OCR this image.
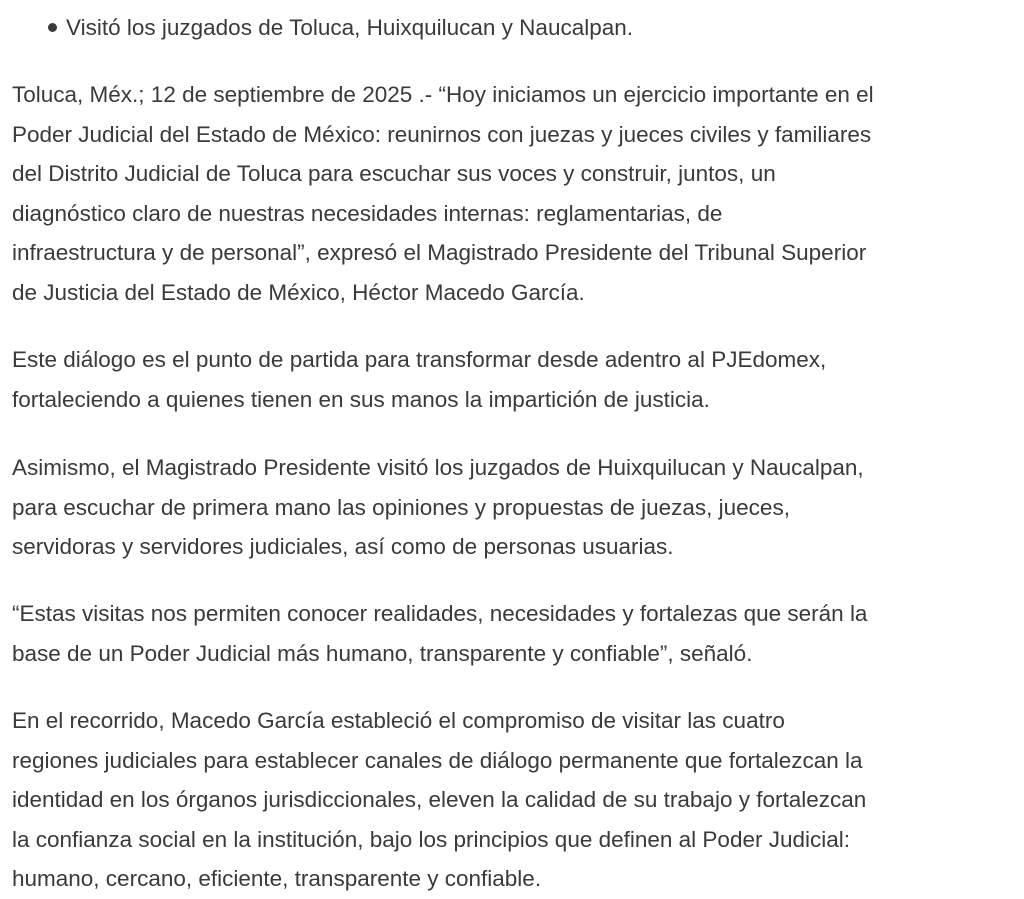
Visitó los juzgados de Toluca, Huixquilucan y Naucalpan.

Toluca, Méx.; 12 de septiembre de 2025 .- “Hoy iniciamos un ejercicio importante en el
Poder Judicial del Estado de México: reunirnos con juezas y jueces civiles y familiares
del Distrito Judicial de Toluca para escuchar sus voces y construir, juntos, un
diagnóstico claro de nuestras necesidades internas: reglamentarias, de
infraestructura y de personal”, expresó el Magistrado Presidente del Tribunal Superior
de Justicia del Estado de México, Héctor Macedo García.

Este diálogo es el punto de partida para transformar desde adentro al PJEdomex,
fortaleciendo a quienes tienen en sus manos la impartición de justicia.

Asimismo, el Magistrado Presidente visitó los juzgados de Huixquilucan y Naucalpan,
para escuchar de primera mano las opiniones y propuestas de juezas, jueces,
servidoras y servidores judiciales, así como de personas usuarias.

“Estas visitas nos permiten conocer realidades, necesidades y fortalezas que serán la
base de un Poder Judicial más humano, transparente y confiable”, señaló.

En el recorrido, Macedo García estableció el compromiso de visitar las cuatro
regiones judiciales para establecer canales de diálogo permanente que fortalezcan la
identidad en los órganos jurisdiccionales, eleven la calidad de su trabajo y fortalezcan
la confianza social en la institución, bajo los principios que definen al Poder Judicial:
humano, cercano, eficiente, transparente y confiable.
